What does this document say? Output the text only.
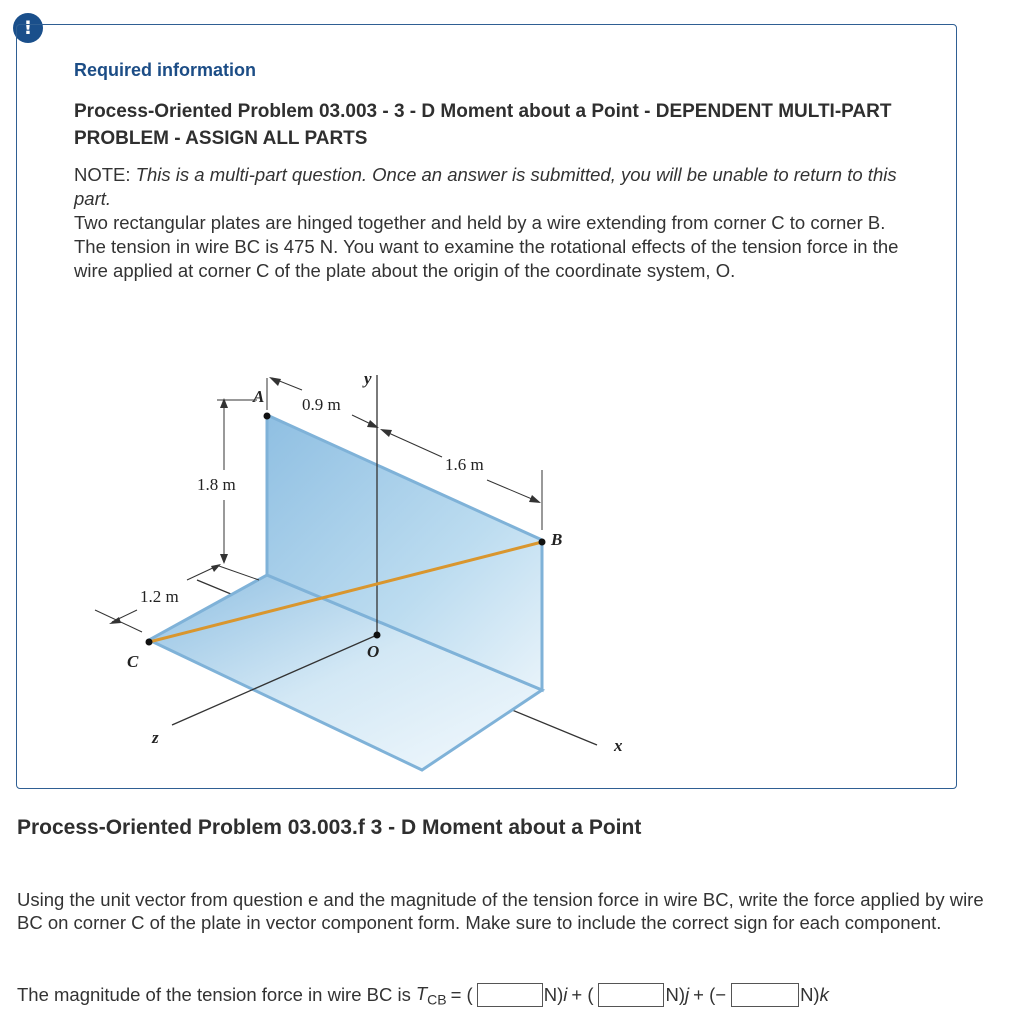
!
Required information
Process-Oriented Problem 03.003 - 3 - D Moment about a Point - DEPENDENT MULTI-PART PROBLEM - ASSIGN ALL PARTS

NOTE: This is a multi-part question. Once an answer is submitted, you will be unable to return to this part.

Two rectangular plates are hinged together and held by a wire extending from corner C to corner B. The tension in wire BC is 475 N. You want to examine the rotational effects of the tension force in the wire applied at corner C of the plate about the origin of the coordinate system, O.

A
B
C
O
x
y
z
0.9 m
1.6 m
1.8 m
1.2 m
Process-Oriented Problem 03.003.f 3 - D Moment about a Point

Using the unit vector from question e and the magnitude of the tension force in wire BC, write the force applied by wire BC on corner C of the plate in vector component form. Make sure to include the correct sign for each component.

The magnitude of the tension force in wire BC is $T_{CB}$ = (	N)i + (	N)j + (−	N)k
